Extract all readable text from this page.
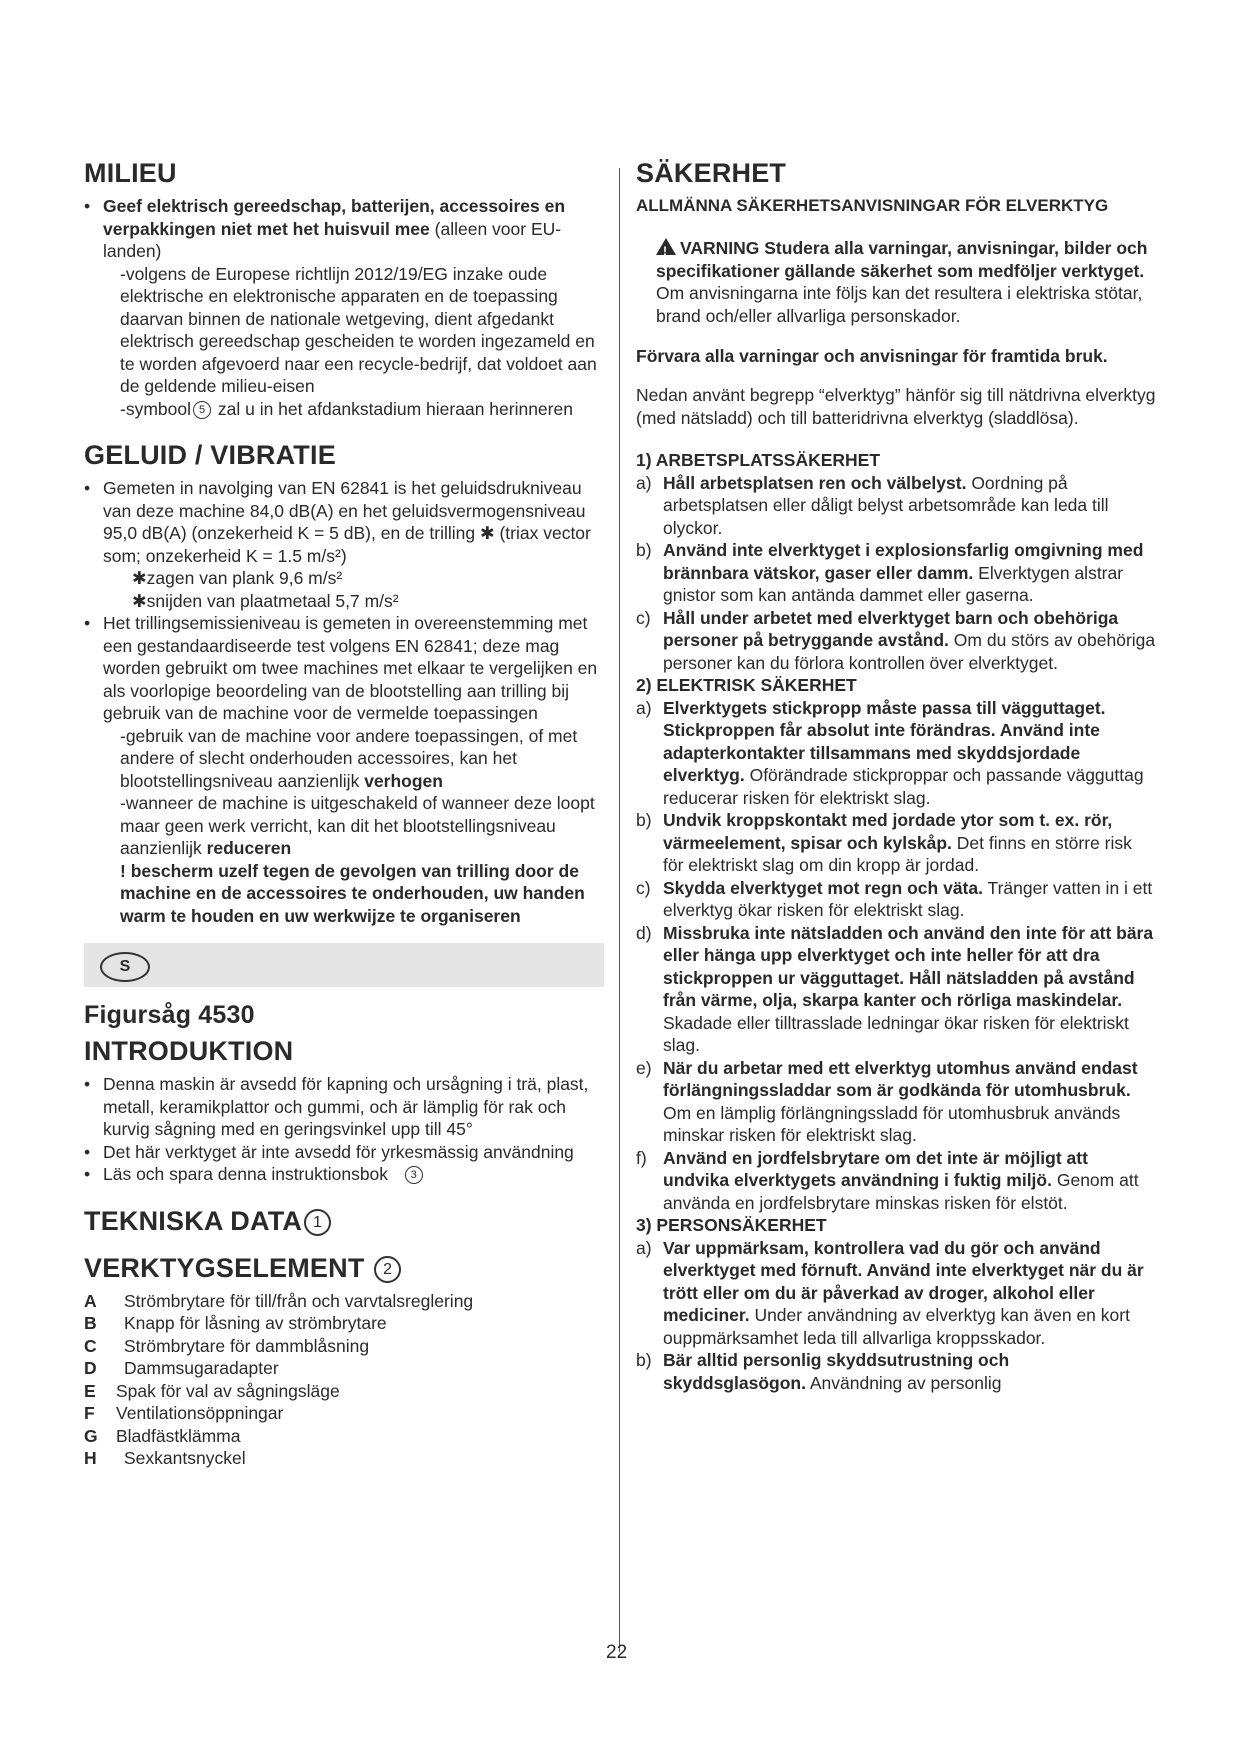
MILIEU
• Geef elektrisch gereedschap, batterijen, accessoires en verpakkingen niet met het huisvuil mee (alleen voor EU-landen)
-volgens de Europese richtlijn 2012/19/EG inzake oude elektrische en elektronische apparaten en de toepassing daarvan binnen de nationale wetgeving, dient afgedankt elektrisch gereedschap gescheiden te worden ingezameld en te worden afgevoerd naar een recycle-bedrijf, dat voldoet aan de geldende milieu-eisen
-symbool 5 zal u in het afdankstadium hieraan herinneren
GELUID / VIBRATIE
• Gemeten in navolging van EN 62841 is het geluidsdrukniveau van deze machine 84,0 dB(A) en het geluidsvermogensniveau 95,0 dB(A) (onzekerheid K = 5 dB), en de trilling ✱ (triax vector som; onzekerheid K = 1.5 m/s²)
✱zagen van plank 9,6 m/s²
✱snijden van plaatmetaal 5,7 m/s²
• Het trillingsemissieniveau is gemeten in overeenstemming met een gestandaardiseerde test volgens EN 62841; deze mag worden gebruikt om twee machines met elkaar te vergelijken en als voorlopige beoordeling van de blootstelling aan trilling bij gebruik van de machine voor de vermelde toepassingen
-gebruik van de machine voor andere toepassingen, of met andere of slecht onderhouden accessoires, kan het blootstellingsniveau aanzienlijk verhogen
-wanneer de machine is uitgeschakeld of wanneer deze loopt maar geen werk verricht, kan dit het blootstellingsniveau aanzienlijk reduceren
! bescherm uzelf tegen de gevolgen van trilling door de machine en de accessoires te onderhouden, uw handen warm te houden en uw werkwijze te organiseren
S
Figursåg 4530
INTRODUKTION
• Denna maskin är avsedd för kapning och ursågning i trä, plast, metall, keramikplattor och gummi, och är lämplig för rak och kurvig sågning med en geringsvinkel upp till 45°
• Det här verktyget är inte avsedd för yrkesmässig användning
• Läs och spara denna instruktionsbok 3
TEKNISKA DATA 1
VERKTYGSELEMENT 2
A	Strömbrytare för till/från och varvtalsreglering
B	Knapp för låsning av strömbrytare
C	Strömbrytare för dammblåsning
D	Dammsugaradapter
E	Spak för val av sågningsläge
F	Ventilationsöppningar
G	Bladfästklämma
H	Sexkantsnyckel
22
SÄKERHET
ALLMÄNNA SÄKERHETSANVISNINGAR FÖR ELVERKTYG

!VARNING Studera alla varningar, anvisningar, bilder och specifikationer gällande säkerhet som medföljer verktyget. Om anvisningarna inte följs kan det resultera i elektriska stötar, brand och/eller allvarliga personskador.

Förvara alla varningar och anvisningar för framtida bruk.

Nedan använt begrepp “elverktyg” hänför sig till nätdrivna elverktyg (med nätsladd) och till batteridrivna elverktyg (sladdlösa).

1) ARBETSPLATSSÄKERHET
a) Håll arbetsplatsen ren och välbelyst. Oordning på arbetsplatsen eller dåligt belyst arbetsområde kan leda till olyckor.
b) Använd inte elverktyget i explosionsfarlig omgivning med brännbara vätskor, gaser eller damm. Elverktygen alstrar gnistor som kan antända dammet eller gaserna.
c) Håll under arbetet med elverktyget barn och obehöriga personer på betryggande avstånd. Om du störs av obehöriga personer kan du förlora kontrollen över elverktyget.
2) ELEKTRISK SÄKERHET
a) Elverktygets stickpropp måste passa till vägguttaget. Stickproppen får absolut inte förändras. Använd inte adapterkontakter tillsammans med skyddsjordade elverktyg. Oförändrade stickproppar och passande vägguttag reducerar risken för elektriskt slag.
b) Undvik kroppskontakt med jordade ytor som t. ex. rör, värmeelement, spisar och kylskåp. Det finns en större risk för elektriskt slag om din kropp är jordad.
c) Skydda elverktyget mot regn och väta. Tränger vatten in i ett elverktyg ökar risken för elektriskt slag.
d) Missbruka inte nätsladden och använd den inte för att bära eller hänga upp elverktyget och inte heller för att dra stickproppen ur vägguttaget. Håll nätsladden på avstånd från värme, olja, skarpa kanter och rörliga maskindelar. Skadade eller tilltrasslade ledningar ökar risken för elektriskt slag.
e) När du arbetar med ett elverktyg utomhus använd endast förlängningssladdar som är godkända för utomhusbruk. Om en lämplig förlängningssladd för utomhusbruk används minskar risken för elektriskt slag.
f) Använd en jordfelsbrytare om det inte är möjligt att undvika elverktygets användning i fuktig miljö. Genom att använda en jordfelsbrytare minskas risken för elstöt.
3) PERSONSÄKERHET
a) Var uppmärksam, kontrollera vad du gör och använd elverktyget med förnuft. Använd inte elverktyget när du är trött eller om du är påverkad av droger, alkohol eller mediciner. Under användning av elverktyg kan även en kort ouppmärksamhet leda till allvarliga kroppsskador.
b) Bär alltid personlig skyddsutrustning och skyddsglasögon. Användning av personlig
